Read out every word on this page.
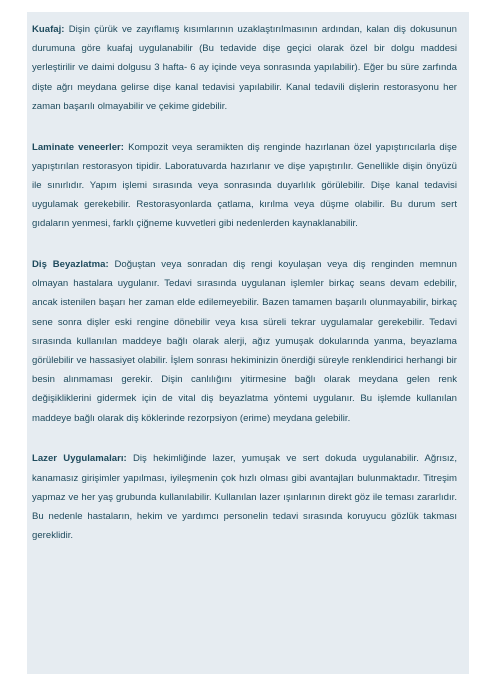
Kuafaj: Dişin çürük ve zayıflamış kısımlarının uzaklaştırılmasının ardından, kalan diş dokusunun durumuna göre kuafaj uygulanabilir (Bu tedavide dişe geçici olarak özel bir dolgu maddesi yerleştirilir ve daimi dolgusu 3 hafta- 6 ay içinde veya sonrasında yapılabilir). Eğer bu süre zarfında dişte ağrı meydana gelirse dişe kanal tedavisi yapılabilir. Kanal tedavili dişlerin restorasyonu her zaman başarılı olmayabilir ve çekime gidebilir.

Laminate veneerler: Kompozit veya seramikten diş renginde hazırlanan özel yapıştırıcılarla dişe yapıştırılan restorasyon tipidir. Laboratuvarda hazırlanır ve dişe yapıştırılır. Genellikle dişin önyüzü ile sınırlıdır. Yapım işlemi sırasında veya sonrasında duyarlılık görülebilir. Dişe kanal tedavisi uygulamak gerekebilir. Restorasyonlarda çatlama, kırılma veya düşme olabilir. Bu durum sert gıdaların yenmesi, farklı çiğneme kuvvetleri gibi nedenlerden kaynaklanabilir.

Diş Beyazlatma: Doğuştan veya sonradan diş rengi koyulaşan veya diş renginden memnun olmayan hastalara uygulanır. Tedavi sırasında uygulanan işlemler birkaç seans devam edebilir, ancak istenilen başarı her zaman elde edilemeyebilir. Bazen tamamen başarılı olunmayabilir, birkaç sene sonra dişler eski rengine dönebilir veya kısa süreli tekrar uygulamalar gerekebilir. Tedavi sırasında kullanılan maddeye bağlı olarak alerji, ağız yumuşak dokularında yanma, beyazlama görülebilir ve hassasiyet olabilir. İşlem sonrası hekiminizin önerdiği süreyle renklendirici herhangi bir besin alınmaması gerekir. Dişin canlılığını yitirmesine bağlı olarak meydana gelen renk değişikliklerini gidermek için de vital diş beyazlatma yöntemi uygulanır. Bu işlemde kullanılan maddeye bağlı olarak diş köklerinde rezorpsiyon (erime) meydana gelebilir.

Lazer Uygulamaları: Diş hekimliğinde lazer, yumuşak ve sert dokuda uygulanabilir. Ağrısız, kanamasız girişimler yapılması, iyileşmenin çok hızlı olması gibi avantajları bulunmaktadır. Titreşim yapmaz ve her yaş grubunda kullanılabilir. Kullanılan lazer ışınlarının direkt göz ile teması zararlıdır. Bu nedenle hastaların, hekim ve yardımcı personelin tedavi sırasında koruyucu gözlük takması gereklidir.
